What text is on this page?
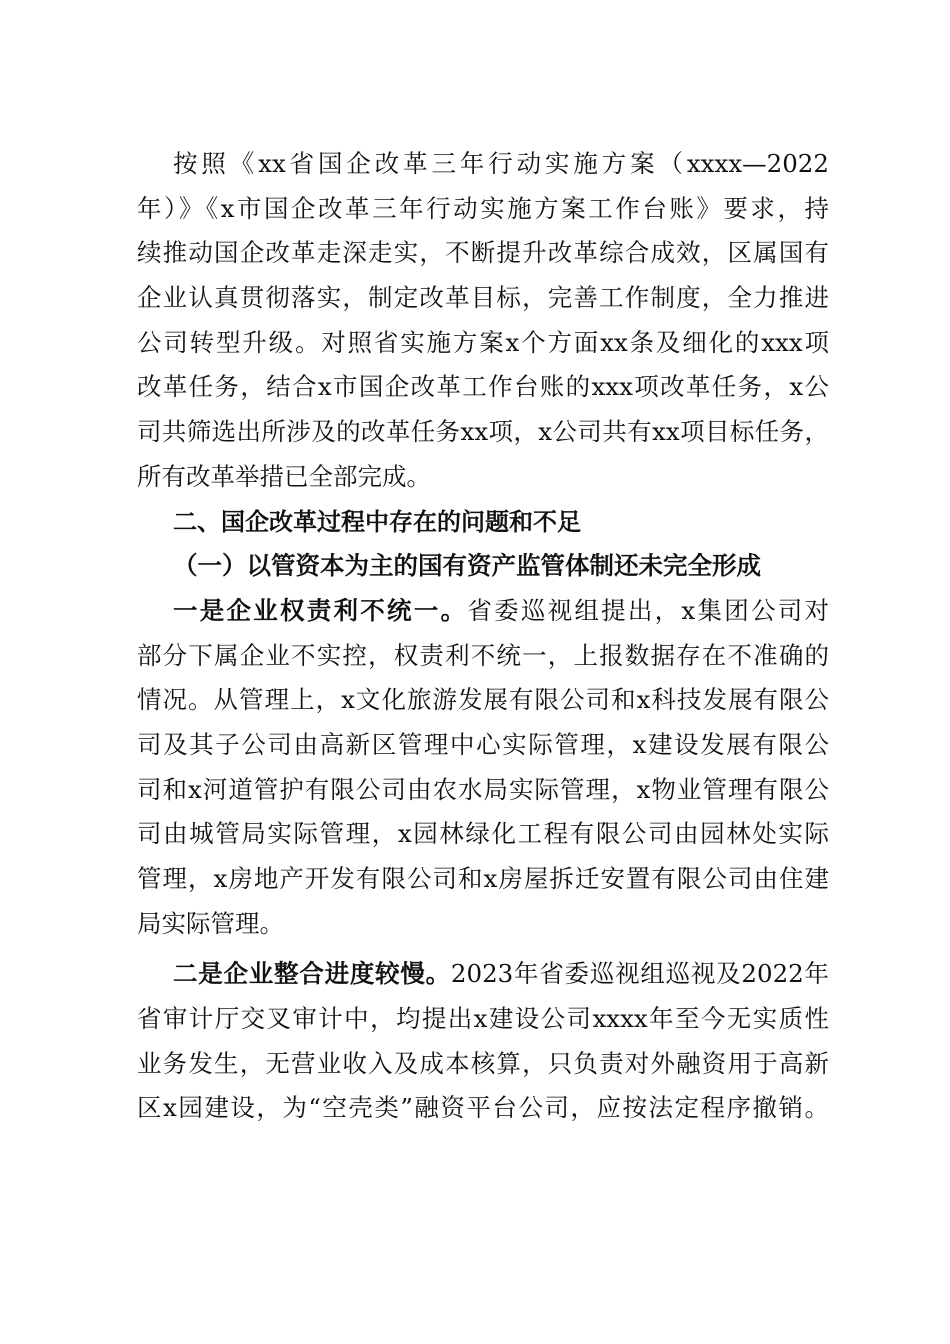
按照《xx省国企改革三年行动实施方案（xxxx—2022
年）》《x市国企改革三年行动实施方案工作台账》要求，持
续推动国企改革走深走实，不断提升改革综合成效，区属国有
企业认真贯彻落实，制定改革目标，完善工作制度，全力推进
公司转型升级。对照省实施方案x个方面xx条及细化的xxx项
改革任务，结合x市国企改革工作台账的xxx项改革任务，x公
司共筛选出所涉及的改革任务xx项，x公司共有xx项目标任务，
所有改革举措已全部完成。
二、国企改革过程中存在的问题和不足
（一）以管资本为主的国有资产监管体制还未完全形成
一是企业权责利不统一。省委巡视组提出，x集团公司对
部分下属企业不实控，权责利不统一，上报数据存在不准确的
情况。从管理上，x文化旅游发展有限公司和x科技发展有限公
司及其子公司由高新区管理中心实际管理，x建设发展有限公
司和x河道管护有限公司由农水局实际管理，x物业管理有限公
司由城管局实际管理，x园林绿化工程有限公司由园林处实际
管理，x房地产开发有限公司和x房屋拆迁安置有限公司由住建
局实际管理。
二是企业整合进度较慢。2023年省委巡视组巡视及2022年
省审计厅交叉审计中，均提出x建设公司xxxx年至今无实质性
业务发生，无营业收入及成本核算，只负责对外融资用于高新
区x园建设，为“空壳类”融资平台公司，应按法定程序撤销。
